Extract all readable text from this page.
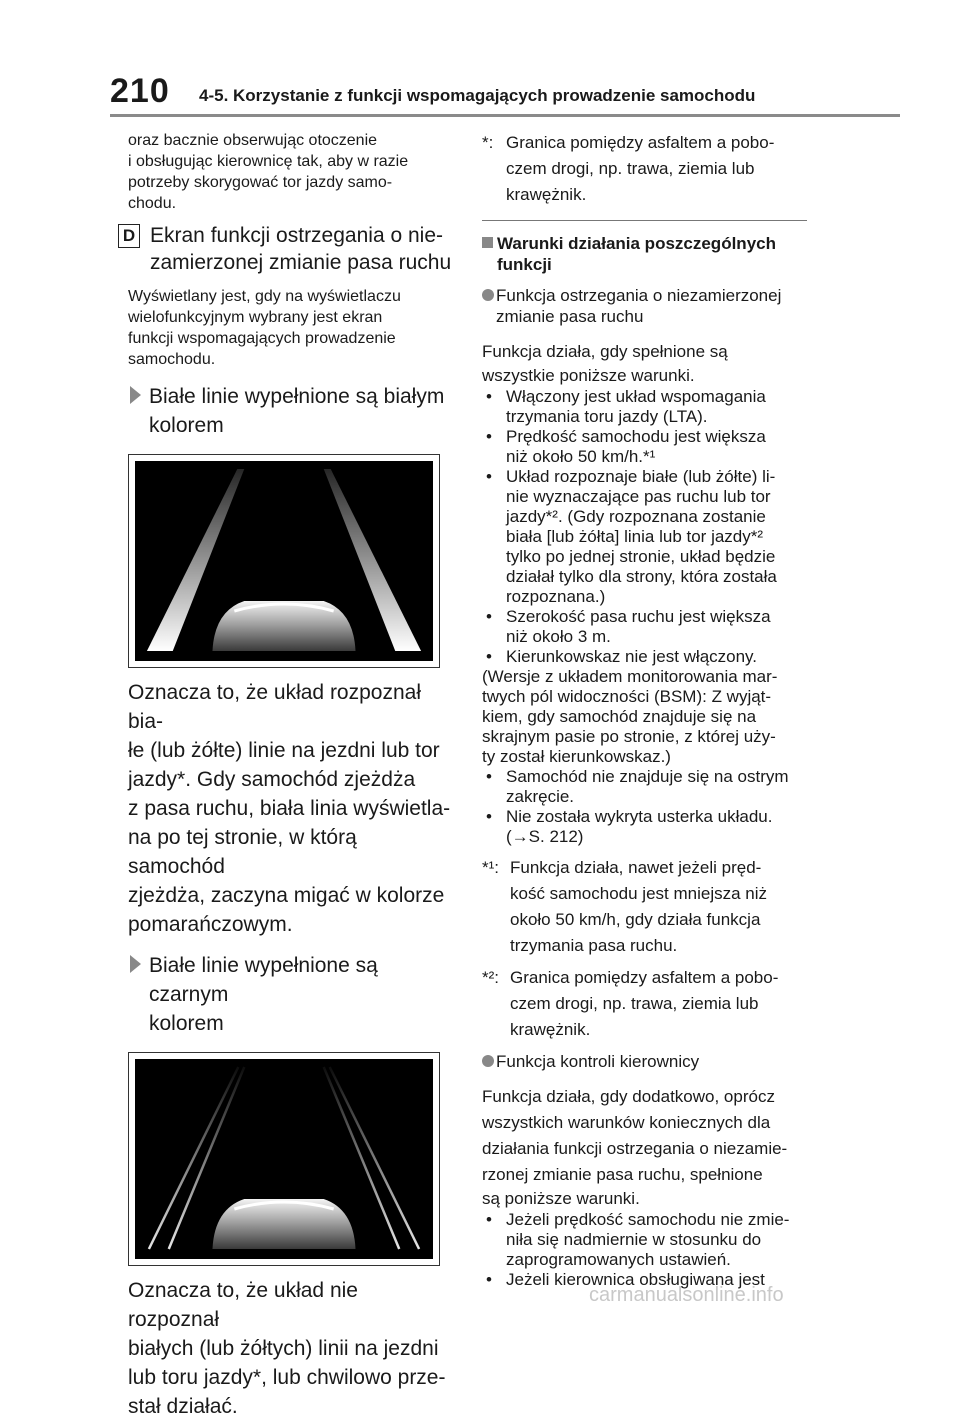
210 4-5. Korzystanie z funkcji wspomagających prowadzenie samochodu

oraz bacznie obserwując otoczenie
i obsługując kierownicę tak, aby w razie
potrzeby skorygować tor jazdy samo-
chodu.

D Ekran funkcji ostrzegania o nie-
zamierzonej zmianie pasa ruchu

Wyświetlany jest, gdy na wyświetlaczu
wielofunkcyjnym wybrany jest ekran
funkcji wspomagających prowadzenie
samochodu.

Białe linie wypełnione są białym
kolorem

Oznacza to, że układ rozpoznał bia-
łe (lub żółte) linie na jezdni lub tor
jazdy*. Gdy samochód zjeżdża
z pasa ruchu, biała linia wyświetla-
na po tej stronie, w którą samochód
zjeżdża, zaczyna migać w kolorze
pomarańczowym.

Białe linie wypełnione są czarnym
kolorem

Oznacza to, że układ nie rozpoznał
białych (lub żółtych) linii na jezdni
lub toru jazdy*, lub chwilowo prze-
stał działać.

*: Granica pomiędzy asfaltem a pobo-
czem drogi, np. trawa, ziemia lub
krawężnik.
Warunki działania poszczególnych
funkcji
Funkcja ostrzegania o niezamierzonej
zmianie pasa ruchu

Funkcja działa, gdy spełnione są

wszystkie poniższe warunki.

• Włączony jest układ wspomagania
trzymania toru jazdy (LTA).
• Prędkość samochodu jest większa
niż około 50 km/h.*¹
• Układ rozpoznaje białe (lub żółte) li-
nie wyznaczające pas ruchu lub tor
jazdy*². (Gdy rozpoznana zostanie
biała [lub żółta] linia lub tor jazdy*²
tylko po jednej stronie, układ będzie
działał tylko dla strony, która została
rozpoznana.)
• Szerokość pasa ruchu jest większa
niż około 3 m.
• Kierunkowskaz nie jest włączony.

(Wersje z układem monitorowania mar-
twych pól widoczności (BSM): Z wyjąt-
kiem, gdy samochód znajduje się na
skrajnym pasie po stronie, z której uży-
ty został kierunkowskaz.)

• Samochód nie znajduje się na ostrym
zakręcie.
• Nie została wykryta usterka układu.
(→S. 212)
*¹: Funkcja działa, nawet jeżeli pręd-
kość samochodu jest mniejsza niż
około 50 km/h, gdy działa funkcja
trzymania pasa ruchu.
*²: Granica pomiędzy asfaltem a pobo-
czem drogi, np. trawa, ziemia lub
krawężnik.
Funkcja kontroli kierownicy

Funkcja działa, gdy dodatkowo, oprócz
wszystkich warunków koniecznych dla
działania funkcji ostrzegania o niezamie-
rzonej zmianie pasa ruchu, spełnione

są poniższe warunki.

• Jeżeli prędkość samochodu nie zmie-
niła się nadmiernie w stosunku do
zaprogramowanych ustawień.
• Jeżeli kierownica obsługiwana jest
carmanualsonline.info
